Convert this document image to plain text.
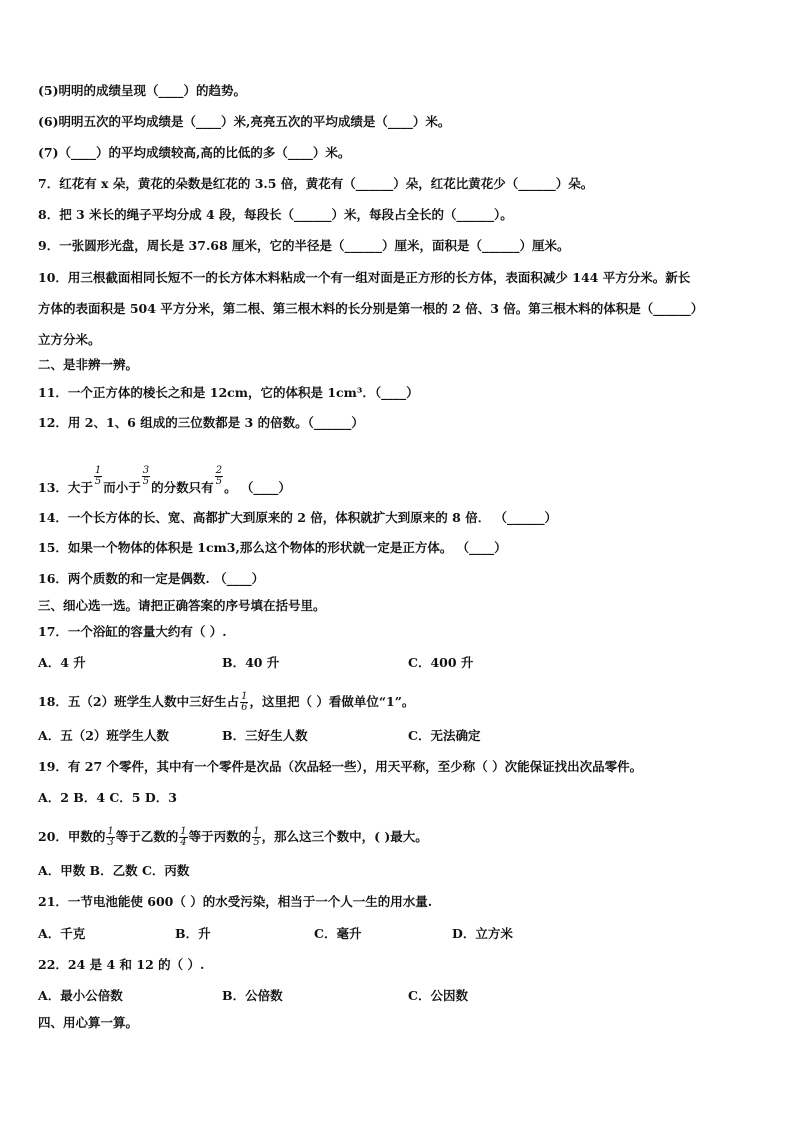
(5)明明的成绩呈现（____）的趋势。
(6)明明五次的平均成绩是（____）米,亮亮五次的平均成绩是（____）米。
(7)（____）的平均成绩较高,高的比低的多（____）米。
7．红花有 x 朵，黄花的朵数是红花的 3.5 倍，黄花有（______）朵，红花比黄花少（______）朵。
8．把 3 米长的绳子平均分成 4 段，每段长（______）米，每段占全长的（______）。
9．一张圆形光盘，周长是 37.68 厘米，它的半径是（______）厘米，面积是（______）厘米。
10．用三根截面相同长短不一的长方体木料粘成一个有一组对面是正方形的长方体，表面积减少 144 平方分米。新长
方体的表面积是 504 平方分米，第二根、第三根木料的长分别是第一根的 2 倍、3 倍。第三根木料的体积是（______）
立方分米。
二、是非辨一辨。
11．一个正方体的棱长之和是 12cm，它的体积是 1cm³．（____）
12．用 2、1、6 组成的三位数都是 3 的倍数。（______）
13．大于
$\frac{1}{5}$
而小于
$\frac{3}{5}$
的分数只有
$\frac{2}{5}$
。 （____）
14．一个长方体的长、宽、高都扩大到原来的 2 倍，体积就扩大到原来的 8 倍． （______）
15．如果一个物体的体积是 1cm3,那么这个物体的形状就一定是正方体。 （____）
16．两个质数的和一定是偶数. （____）
三、细心选一选。请把正确答案的序号填在括号里。
17．一个浴缸的容量大约有（ ）.
A．4 升	B．40 升	C．400 升
18．五（2）班学生人数中三好生占 $\frac{1}{6}$ ，这里把（ ）看做单位“1”。
A．五（2）班学生人数	B．三好生人数	C．无法确定
19．有 27 个零件，其中有一个零件是次品（次品轻一些），用天平称，至少称（ ）次能保证找出次品零件。
A．2 B．4 C．5 D．3
20．甲数的 $\frac{1}{3}$ 等于乙数的 $\frac{1}{4}$ 等于丙数的 $\frac{1}{5}$ ，那么这三个数中，( )最大。
A．甲数 B．乙数 C．丙数
21．一节电池能使 600（ ）的水受污染，相当于一个人一生的用水量.
A．千克	B．升	C．毫升	D．立方米
22．24 是 4 和 12 的（ ）.
A．最小公倍数	B．公倍数	C．公因数
四、用心算一算。
